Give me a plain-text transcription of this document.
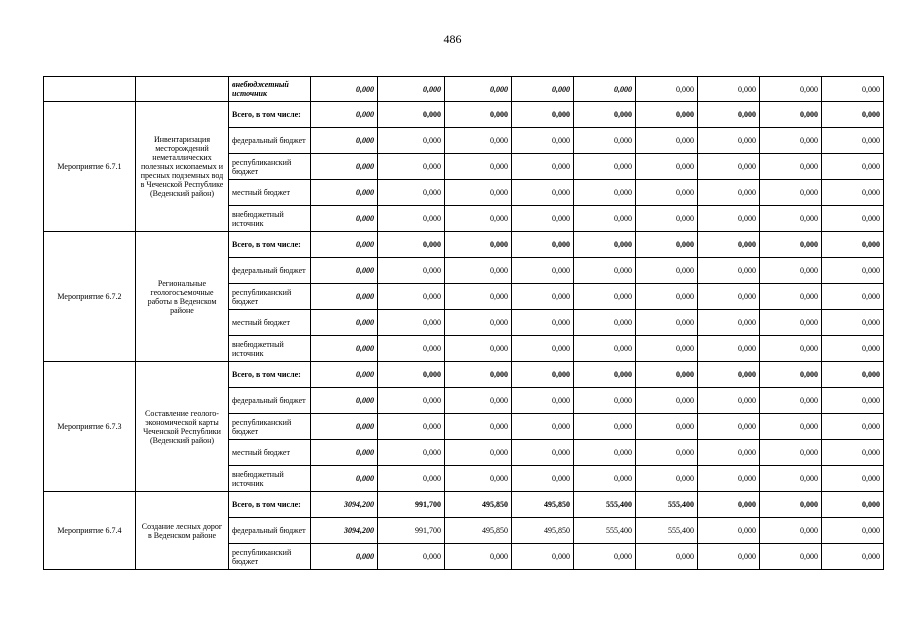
486
		внебюджетный источник	0,000	0,000	0,000	0,000	0,000	0,000	0,000	0,000	0,000
Мероприятие 6.7.1	Инвентаризация месторождений неметаллических полезных ископаемых и пресных подземных вод в Чеченской Республике (Веденский район)	Всего, в том числе:	0,000	0,000	0,000	0,000	0,000	0,000	0,000	0,000	0,000
		федеральный бюджет	0,000	0,000	0,000	0,000	0,000	0,000	0,000	0,000	0,000
		республиканский бюджет	0,000	0,000	0,000	0,000	0,000	0,000	0,000	0,000	0,000
		местный бюджет	0,000	0,000	0,000	0,000	0,000	0,000	0,000	0,000	0,000
		внебюджетный источник	0,000	0,000	0,000	0,000	0,000	0,000	0,000	0,000	0,000
Мероприятие 6.7.2	Региональные геологосъемочные работы в Веденском районе	Всего, в том числе:	0,000	0,000	0,000	0,000	0,000	0,000	0,000	0,000	0,000
		федеральный бюджет	0,000	0,000	0,000	0,000	0,000	0,000	0,000	0,000	0,000
		республиканский бюджет	0,000	0,000	0,000	0,000	0,000	0,000	0,000	0,000	0,000
		местный бюджет	0,000	0,000	0,000	0,000	0,000	0,000	0,000	0,000	0,000
		внебюджетный источник	0,000	0,000	0,000	0,000	0,000	0,000	0,000	0,000	0,000
Мероприятие 6.7.3	Составление геолого-экономической карты Чеченской Республики (Веденский район)	Всего, в том числе:	0,000	0,000	0,000	0,000	0,000	0,000	0,000	0,000	0,000
		федеральный бюджет	0,000	0,000	0,000	0,000	0,000	0,000	0,000	0,000	0,000
		республиканский бюджет	0,000	0,000	0,000	0,000	0,000	0,000	0,000	0,000	0,000
		местный бюджет	0,000	0,000	0,000	0,000	0,000	0,000	0,000	0,000	0,000
		внебюджетный источник	0,000	0,000	0,000	0,000	0,000	0,000	0,000	0,000	0,000
Мероприятие 6.7.4	Создание лесных дорог в Веденском районе	Всего, в том числе:	3094,200	991,700	495,850	495,850	555,400	555,400	0,000	0,000	0,000
		федеральный бюджет	3094,200	991,700	495,850	495,850	555,400	555,400	0,000	0,000	0,000
		республиканский бюджет	0,000	0,000	0,000	0,000	0,000	0,000	0,000	0,000	0,000
